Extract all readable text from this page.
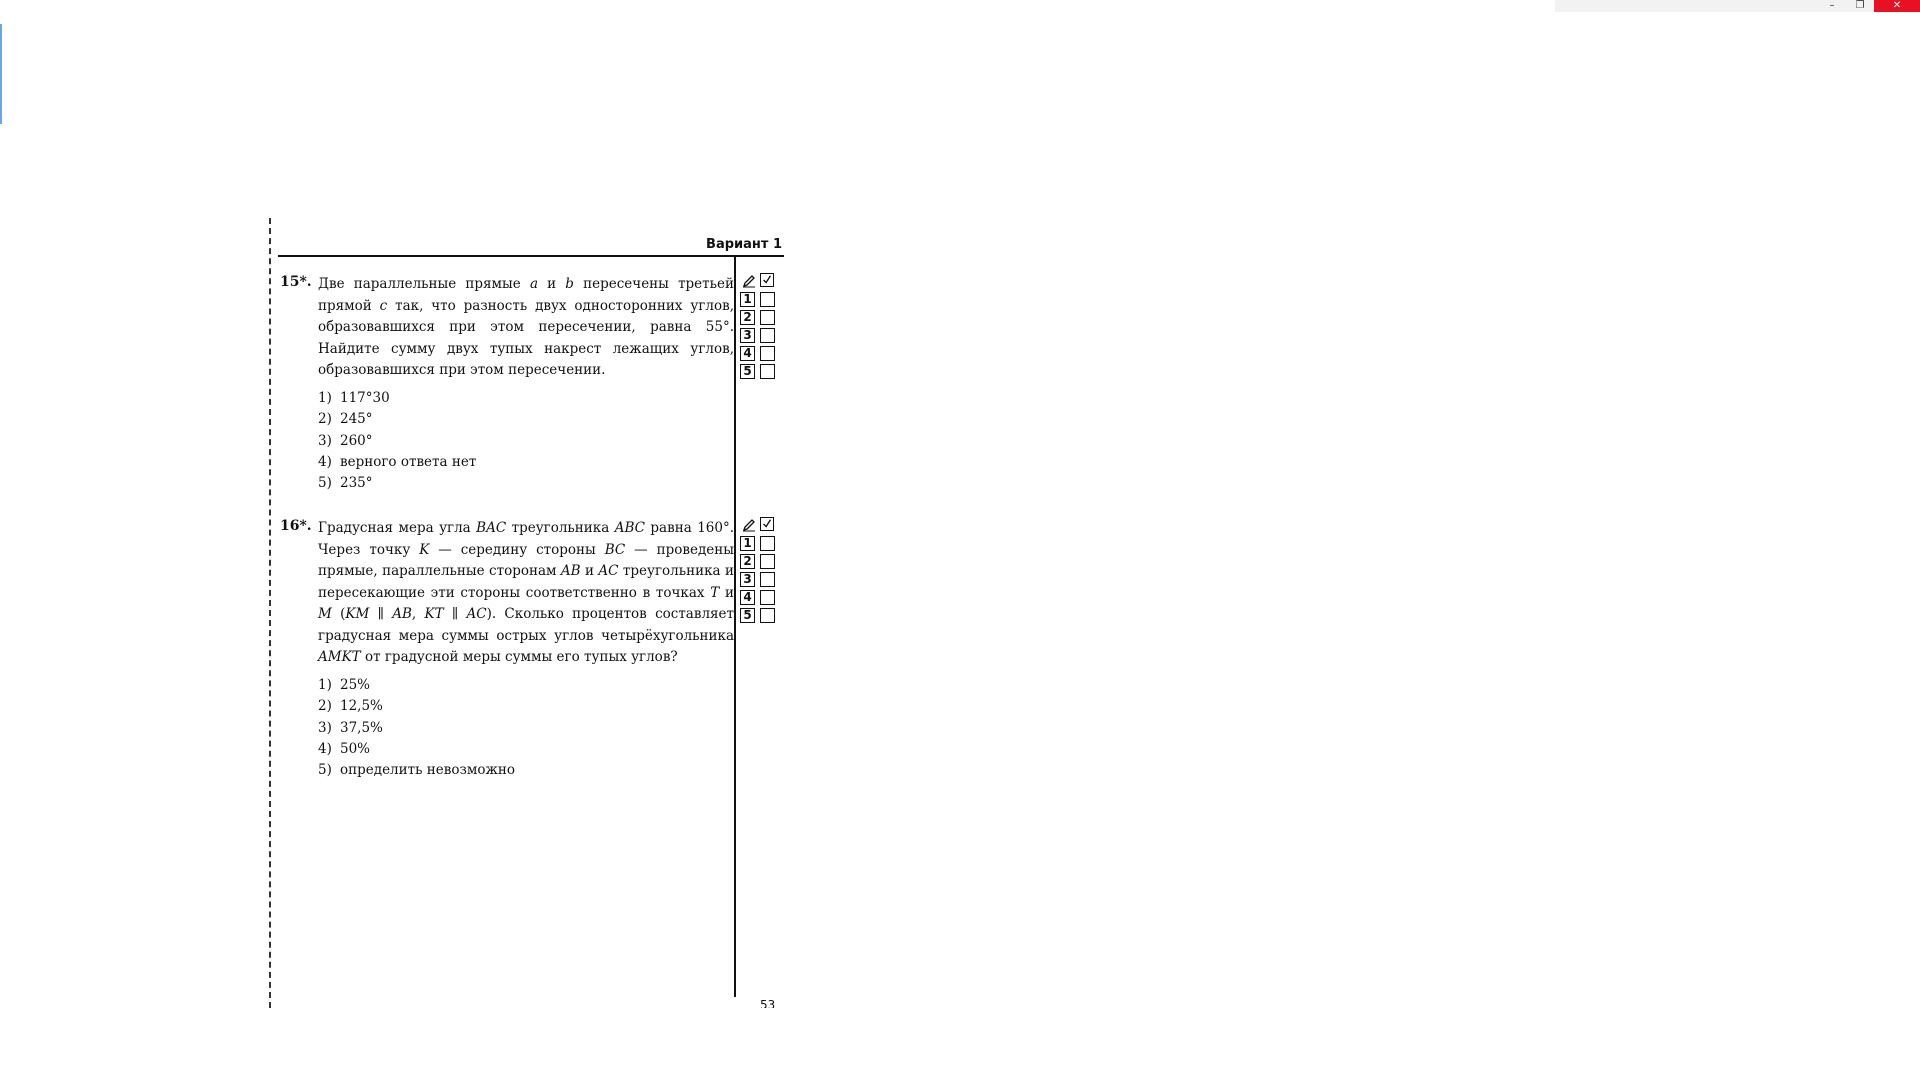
–	❐	✕
Вариант 1
15*. Две параллельные прямые a и b пересечены третьей прямой c так, что разность двух односторонних углов, образовавшихся при этом пересечении, равна 55°. Найдите сумму двух тупых накрест лежащих углов, образовавшихся при этом пересечении.

1) 117°30
2) 245°
3) 260°
4) верного ответа нет
5) 235°
1
2
3
4
5
16*. Градусная мера угла BAC треугольника ABC равна 160°. Через точку K — середину стороны BC — проведены прямые, параллельные сторонам AB и AC треугольника и пересекающие эти стороны соответственно в точках T и M (KM ∥ AB, KT ∥ AC). Сколько процентов составляет градусная мера суммы острых углов четырёхугольника AMKT от градусной меры суммы его тупых углов?

1) 25%
2) 12,5%
3) 37,5%
4) 50%
5) определить невозможно
1
2
3
4
5
53
